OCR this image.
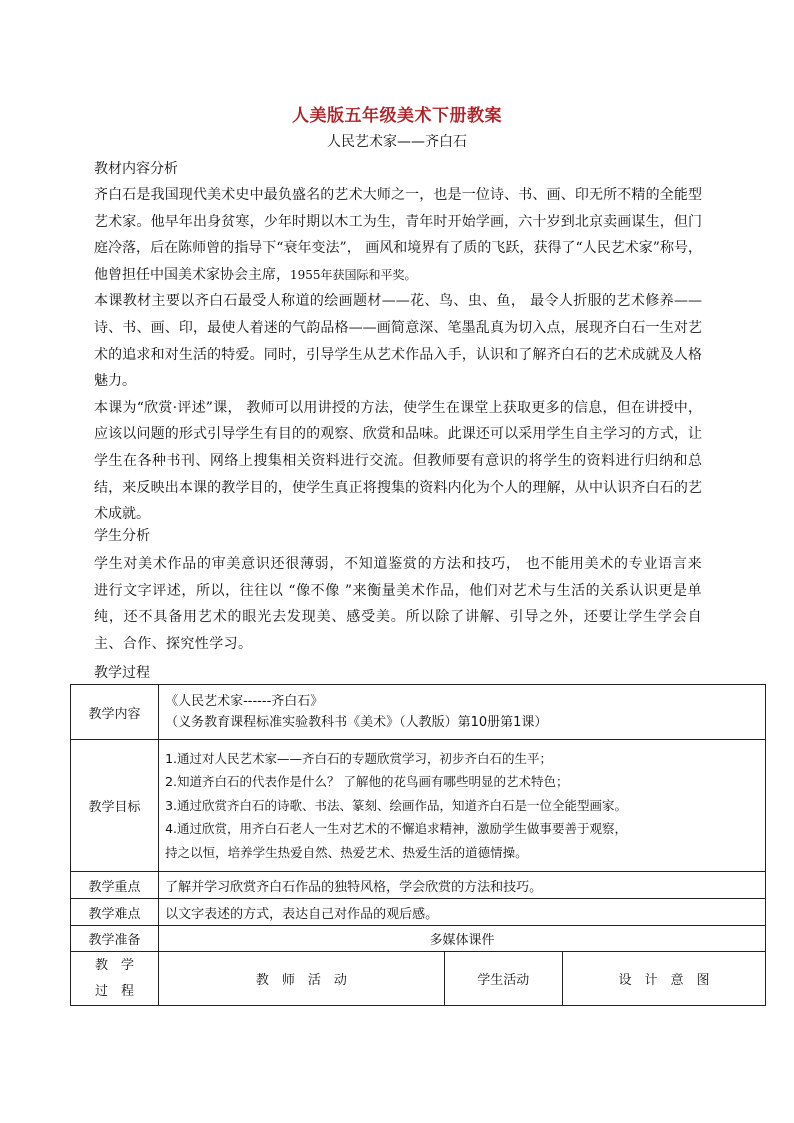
人美版五年级美术下册教案
人民艺术家——齐白石
教材内容分析

齐白石是我国现代美术史中最负盛名的艺术大师之一，也是一位诗、书、画、印无所不精的全能型艺术家。他早年出身贫寒，少年时期以木工为生，青年时开始学画，六十岁到北京卖画谋生，但门庭冷落，后在陈师曾的指导下“衰年变法”， 画风和境界有了质的飞跃，获得了“人民艺术家”称号，他曾担任中国美术家协会主席，1955年获国际和平奖。

本课教材主要以齐白石最受人称道的绘画题材——花、鸟、虫、鱼， 最令人折服的艺术修养——诗、书、画、印，最使人着迷的气韵品格——画简意深、笔墨乱真为切入点，展现齐白石一生对艺术的追求和对生活的特爱。同时，引导学生从艺术作品入手，认识和了解齐白石的艺术成就及人格魅力。

本课为“欣赏·评述”课， 教师可以用讲授的方法，使学生在课堂上获取更多的信息，但在讲授中，应该以问题的形式引导学生有目的的观察、欣赏和品味。此课还可以采用学生自主学习的方式，让学生在各种书刊、网络上搜集相关资料进行交流。但教师要有意识的将学生的资料进行归纳和总结，来反映出本课的教学目的，使学生真正将搜集的资料内化为个人的理解，从中认识齐白石的艺术成就。

学生分析

学生对美术作品的审美意识还很薄弱，不知道鉴赏的方法和技巧， 也不能用美术的专业语言来进行文字评述，所以，往往以 “像不像 ”来衡量美术作品，他们对艺术与生活的关系认识更是单纯，还不具备用艺术的眼光去发现美、感受美。所以除了讲解、引导之外，还要让学生学会自主、合作、探究性学习。

教学过程
教学内容	《人民艺术家------齐白石》
（义务教育课程标准实验教科书《美术》（人教版）第10册第1课）		

教学目标	1.通过对人民艺术家——齐白石的专题欣赏学习，初步齐白石的生平；
2.知道齐白石的代表作是什么？ 了解他的花鸟画有哪些明显的艺术特色；
3.通过欣赏齐白石的诗歌、书法、篆刻、绘画作品，知道齐白石是一位全能型画家。
4.通过欣赏，用齐白石老人一生对艺术的不懈追求精神，激励学生做事要善于观察，
持之以恒，培养学生热爱自然、热爱艺术、热爱生活的道德情操。		

教学重点	了解并学习欣赏齐白石作品的独特风格，学会欣赏的方法和技巧。		
教学难点	以文字表述的方式，表达自己对作品的观后感。		
教学准备	多媒体课件		

教　学
过　程	教　师　活　动	学生活动	设　计　意　图
